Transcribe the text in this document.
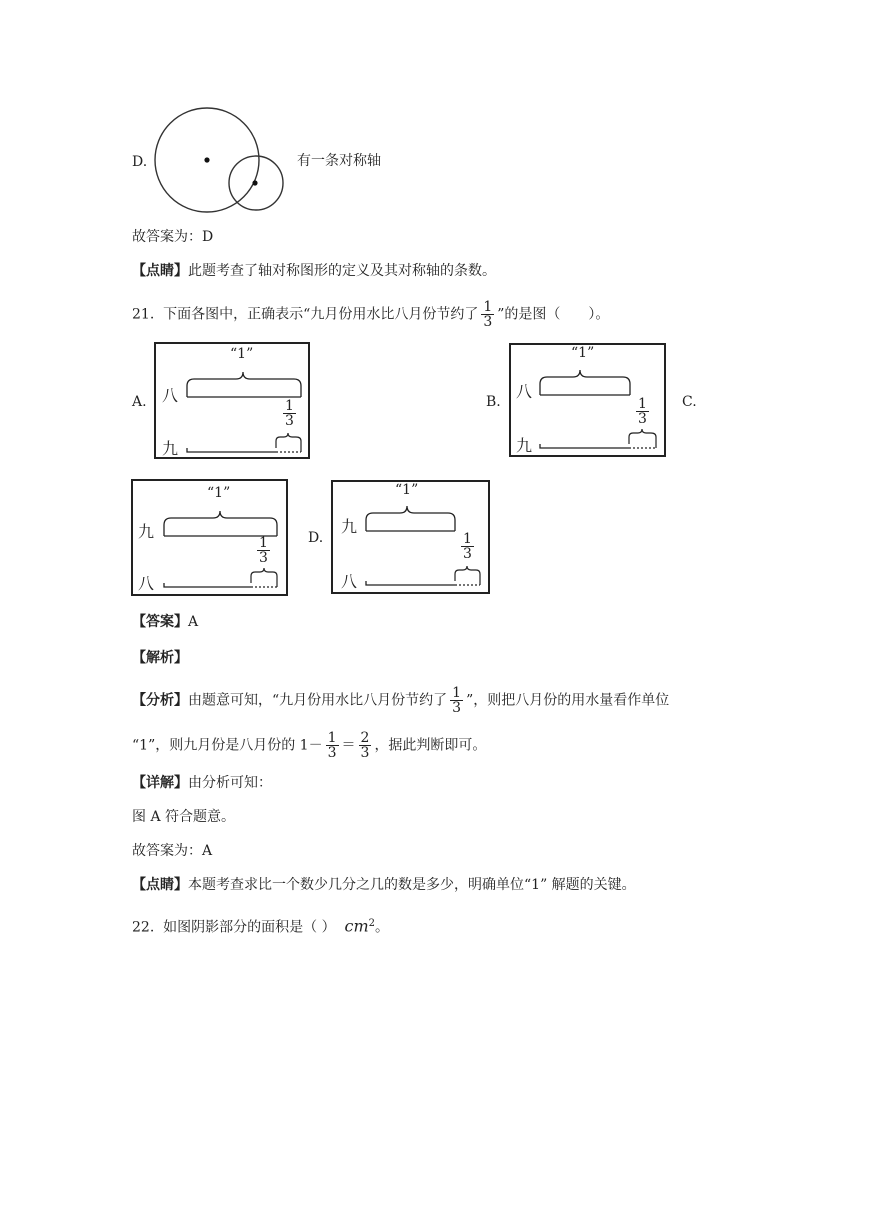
D.	有一条对称轴
故答案为：D
【点睛】此题考查了轴对称图形的定义及其对称轴的条数。
21. 下面各图中，正确表示“九月份用水比八月份节约了 $\frac{1}{3}$ ”的是图（　　）。
A.
“1”
八
九
$\frac{1}{3}$	B.
“1”
八
九
$\frac{1}{3} C$.
“1”
九
八
$\frac{1}{3}$	D.
“1”
九
八
$\frac{1}{3}$
【答案】A
【解析】
【分析】由题意可知，“九月份用水比八月份节约了 $\frac{1}{3}$ ”，则把八月份的用水量看作单位
“1”，则九月份是八月份的 $1- \frac{1}{3} = \frac{2}{3}$ ，据此判断即可。
【详解】由分析可知：
图 A 符合题意。
故答案为：A
【点睛】本题考查求比一个数少几分之几的数是多少，明确单位“1” 解题的关键。
22. 如图阴影部分的面积是（ ） $cm^2$。
